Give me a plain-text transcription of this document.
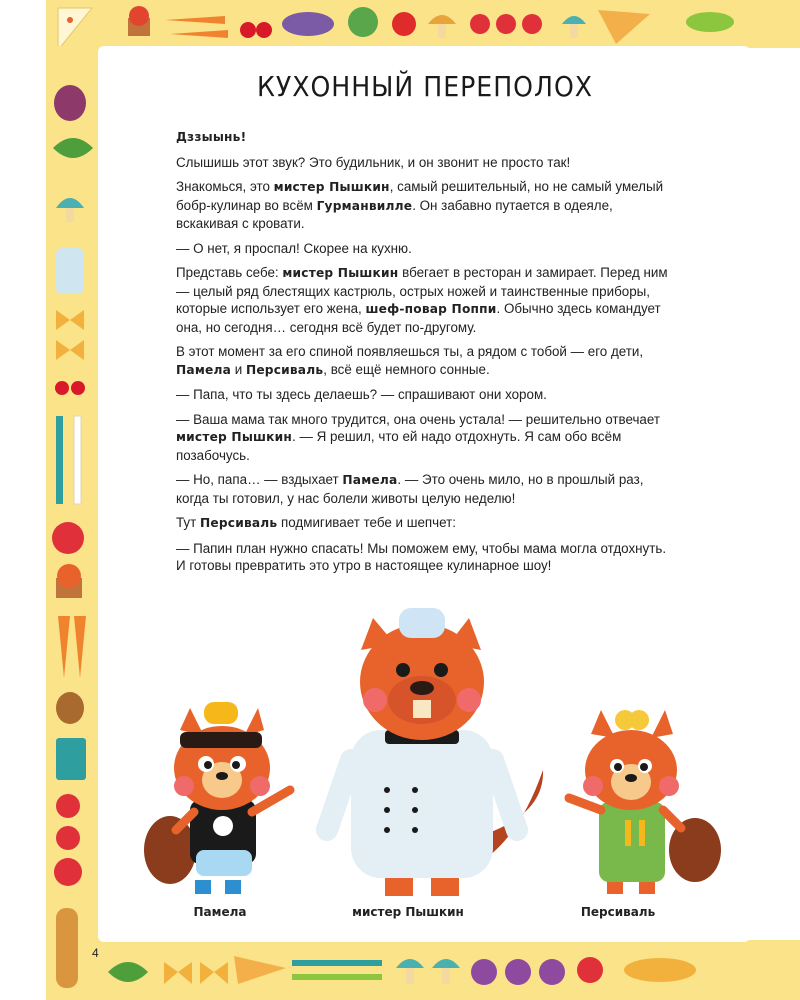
КУХОННЫЙ ПЕРЕПОЛОХ

Дззыынь!

Слышишь этот звук? Это будильник, и он звонит не просто так!

Знакомься, это мистер Пышкин, самый решительный, но не самый умелый бобр-кулинар во всём Гурманвилле. Он забавно путается в одеяле, вскакивая с кровати.

— О нет, я проспал! Скорее на кухню.

Представь себе: мистер Пышкин вбегает в ресторан и замирает. Перед ним — целый ряд блестящих кастрюль, острых ножей и таинственные приборы, которые использует его жена, шеф-повар Поппи. Обычно здесь командует она, но сегодня… сегодня всё будет по-другому.

В этот момент за его спиной появляешься ты, а рядом с тобой — его дети, Памела и Персиваль, всё ещё немного сонные.

— Папа, что ты здесь делаешь? — спрашивают они хором.

— Ваша мама так много трудится, она очень устала! — решительно отвечает мистер Пышкин. — Я решил, что ей надо отдохнуть. Я сам обо всём позабочусь.

— Но, папа… — вздыхает Памела. — Это очень мило, но в прошлый раз, когда ты готовил, у нас болели животы целую неделю!

Тут Персиваль подмигивает тебе и шепчет:

— Папин план нужно спасать! Мы поможем ему, чтобы мама могла отдохнуть. И готовы превратить это утро в настоящее кулинарное шоу!

Памела	мистер Пышкин	Персиваль
4
